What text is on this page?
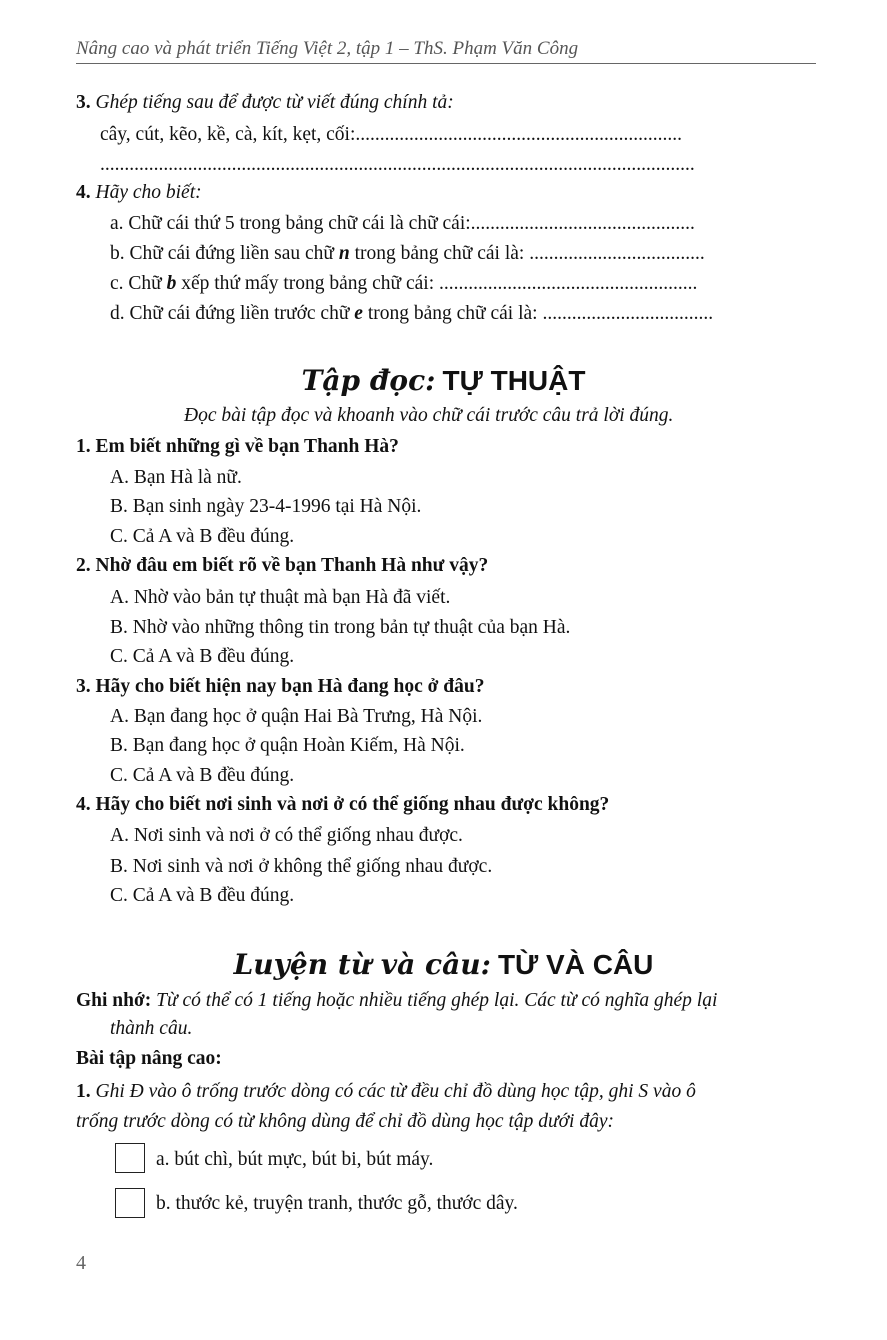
Nâng cao và phát triển Tiếng Việt 2, tập 1 – ThS. Phạm Văn Công
3. Ghép tiếng sau để được từ viết đúng chính tả:
cây, cút, kẽo, kề, cà, kít, kẹt, cối:...................................................................
..........................................................................................................................
4. Hãy cho biết:
a. Chữ cái thứ 5 trong bảng chữ cái là chữ cái:..............................................
b. Chữ cái đứng liền sau chữ n trong bảng chữ cái là: ....................................
c. Chữ b xếp thứ mấy trong bảng chữ cái: .....................................................
d. Chữ cái đứng liền trước chữ e trong bảng chữ cái là: ...................................
Tập đọc: TỰ THUẬT
Đọc bài tập đọc và khoanh vào chữ cái trước câu trả lời đúng.
1. Em biết những gì về bạn Thanh Hà?
A. Bạn Hà là nữ.
B. Bạn sinh ngày 23-4-1996 tại Hà Nội.
C. Cả A và B đều đúng.
2. Nhờ đâu em biết rõ về bạn Thanh Hà như vậy?
A. Nhờ vào bản tự thuật mà bạn Hà đã viết.
B. Nhờ vào những thông tin trong bản tự thuật của bạn Hà.
C. Cả A và B đều đúng.
3. Hãy cho biết hiện nay bạn Hà đang học ở đâu?
A. Bạn đang học ở quận Hai Bà Trưng, Hà Nội.
B. Bạn đang học ở quận Hoàn Kiếm, Hà Nội.
C. Cả A và B đều đúng.
4. Hãy cho biết nơi sinh và nơi ở có thể giống nhau được không?
A. Nơi sinh và nơi ở có thể giống nhau được.
B. Nơi sinh và nơi ở không thể giống nhau được.
C. Cả A và B đều đúng.
Luyện từ và câu: TỪ VÀ CÂU
Ghi nhớ: Từ có thể có 1 tiếng hoặc nhiều tiếng ghép lại. Các từ có nghĩa ghép lại
thành câu.
Bài tập nâng cao:
1. Ghi Đ vào ô trống trước dòng có các từ đều chỉ đồ dùng học tập, ghi S vào ô
trống trước dòng có từ không dùng để chỉ đồ dùng học tập dưới đây:
a. bút chì, bút mực, bút bi, bút máy.
b. thước kẻ, truyện tranh, thước gỗ, thước dây.
4
